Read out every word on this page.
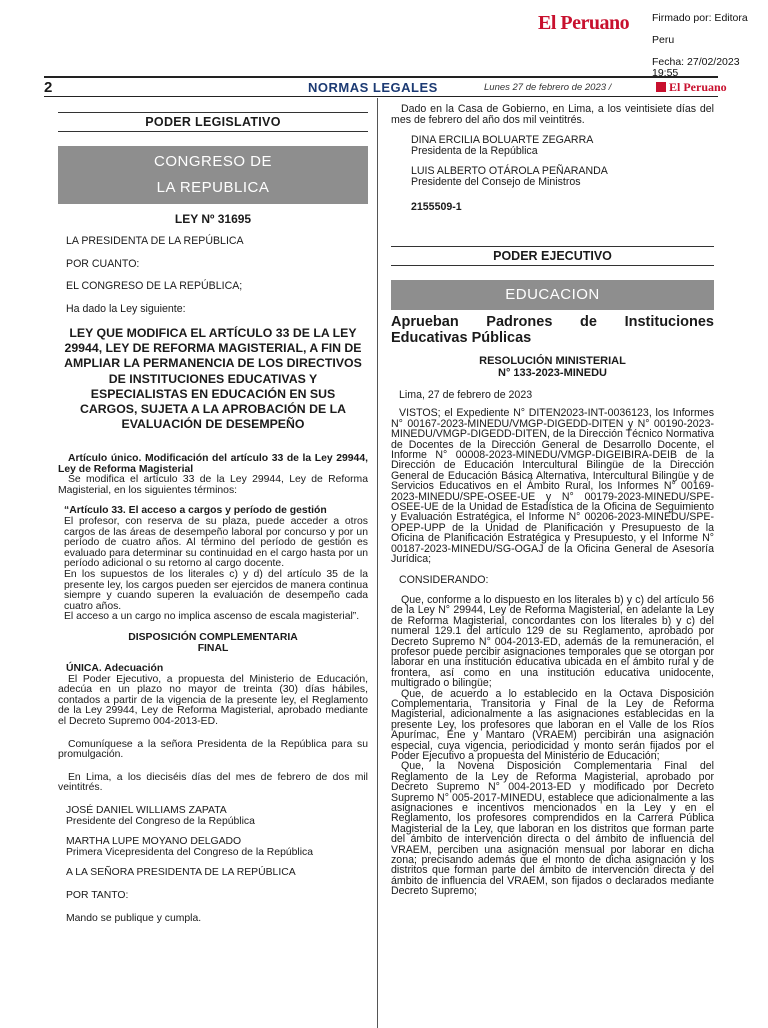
El Peruano Firmado por: Editora

Peru

Fecha: 27/02/2023 19:55

2	NORMAS LEGALES	Lunes 27 de febrero de 2023 /	El Peruano
PODER LEGISLATIVO
CONGRESO DE
LA REPUBLICA
LEY Nº 31695

LA PRESIDENTA DE LA REPÚBLICA

POR CUANTO:

EL CONGRESO DE LA REPÚBLICA;

Ha dado la Ley siguiente:

LEY QUE MODIFICA EL ARTÍCULO 33 DE LA LEY 29944, LEY DE REFORMA MAGISTERIAL, A FIN DE AMPLIAR LA PERMANENCIA DE LOS DIRECTIVOS DE INSTITUCIONES EDUCATIVAS Y ESPECIALISTAS EN EDUCACIÓN EN SUS CARGOS, SUJETA A LA APROBACIÓN DE LA EVALUACIÓN DE DESEMPEÑO

Artículo único. Modificación del artículo 33 de la Ley 29944, Ley de Reforma Magisterial

Se modifica el artículo 33 de la Ley 29944, Ley de Reforma Magisterial, en los siguientes términos:

“Artículo 33. El acceso a cargos y período de gestión

El profesor, con reserva de su plaza, puede acceder a otros cargos de las áreas de desempeño laboral por concurso y por un período de cuatro años. Al término del período de gestión es evaluado para determinar su continuidad en el cargo hasta por un período adicional o su retorno al cargo docente.

En los supuestos de los literales c) y d) del artículo 35 de la presente ley, los cargos pueden ser ejercidos de manera continua siempre y cuando superen la evaluación de desempeño cada cuatro años.

El acceso a un cargo no implica ascenso de escala magisterial”.

DISPOSICIÓN COMPLEMENTARIA

FINAL

ÚNICA. Adecuación

El Poder Ejecutivo, a propuesta del Ministerio de Educación, adecúa en un plazo no mayor de treinta (30) días hábiles, contados a partir de la vigencia de la presente ley, el Reglamento de la Ley 29944, Ley de Reforma Magisterial, aprobado mediante el Decreto Supremo 004-2013-ED.

Comuníquese a la señora Presidenta de la República para su promulgación.

En Lima, a los dieciséis días del mes de febrero de dos mil veintitrés.

JOSÉ DANIEL WILLIAMS ZAPATA

Presidente del Congreso de la República

MARTHA LUPE MOYANO DELGADO

Primera Vicepresidenta del Congreso de la República

A LA SEÑORA PRESIDENTA DE LA REPÚBLICA

POR TANTO:

Mando se publique y cumpla.

Dado en la Casa de Gobierno, en Lima, a los veintisiete días del mes de febrero del año dos mil veintitrés.

DINA ERCILIA BOLUARTE ZEGARRA

Presidenta de la República

LUIS ALBERTO OTÁROLA PEÑARANDA

Presidente del Consejo de Ministros

2155509-1

PODER EJECUTIVO
EDUCACION
Aprueban Padrones de Instituciones Educativas Públicas
RESOLUCIÓN MINISTERIAL
N° 133-2023-MINEDU

Lima, 27 de febrero de 2023

VISTOS; el Expediente N° DITEN2023-INT-0036123, los Informes N° 00167-2023-MINEDU/VMGP-DIGEDD-DITEN y N° 00190-2023-MINEDU/VMGP-DIGEDD-DITEN, de la Dirección Técnico Normativa de Docentes de la Dirección General de Desarrollo Docente, el Informe N° 00008-2023-MINEDU/VMGP-DIGEIBIRA-DEIB de la Dirección de Educación Intercultural Bilingüe de la Dirección General de Educación Básica Alternativa, Intercultural Bilingüe y de Servicios Educativos en el Ámbito Rural, los Informes N° 00169-2023-MINEDU/SPE-OSEE-UE y N° 00179-2023-MINEDU/SPE-OSEE-UE de la Unidad de Estadística de la Oficina de Seguimiento y Evaluación Estratégica, el Informe N° 00206-2023-MINEDU/SPE-OPEP-UPP de la Unidad de Planificación y Presupuesto de la Oficina de Planificación Estratégica y Presupuesto, y el Informe N° 00187-2023-MINEDU/SG-OGAJ de la Oficina General de Asesoría Jurídica;

CONSIDERANDO:

Que, conforme a lo dispuesto en los literales b) y c) del artículo 56 de la Ley N° 29944, Ley de Reforma Magisterial, en adelante la Ley de Reforma Magisterial, concordantes con los literales b) y c) del numeral 129.1 del artículo 129 de su Reglamento, aprobado por Decreto Supremo N° 004-2013-ED, además de la remuneración, el profesor puede percibir asignaciones temporales que se otorgan por laborar en una institución educativa ubicada en el ámbito rural y de frontera, así como en una institución educativa unidocente, multigrado o bilingüe;

Que, de acuerdo a lo establecido en la Octava Disposición Complementaria, Transitoria y Final de la Ley de Reforma Magisterial, adicionalmente a las asignaciones establecidas en la presente Ley, los profesores que laboran en el Valle de los Ríos Apurímac, Ene y Mantaro (VRAEM) percibirán una asignación especial, cuya vigencia, periodicidad y monto serán fijados por el Poder Ejecutivo a propuesta del Ministerio de Educación;

Que, la Novena Disposición Complementaria Final del Reglamento de la Ley de Reforma Magisterial, aprobado por Decreto Supremo N° 004-2013-ED y modificado por Decreto Supremo N° 005-2017-MINEDU, establece que adicionalmente a las asignaciones e incentivos mencionados en la Ley y en el Reglamento, los profesores comprendidos en la Carrera Pública Magisterial de la Ley, que laboran en los distritos que forman parte del ámbito de intervención directa o del ámbito de influencia del VRAEM, perciben una asignación mensual por laborar en dicha zona; precisando además que el monto de dicha asignación y los distritos que forman parte del ámbito de intervención directa y del ámbito de influencia del VRAEM, son fijados o declarados mediante Decreto Supremo;
